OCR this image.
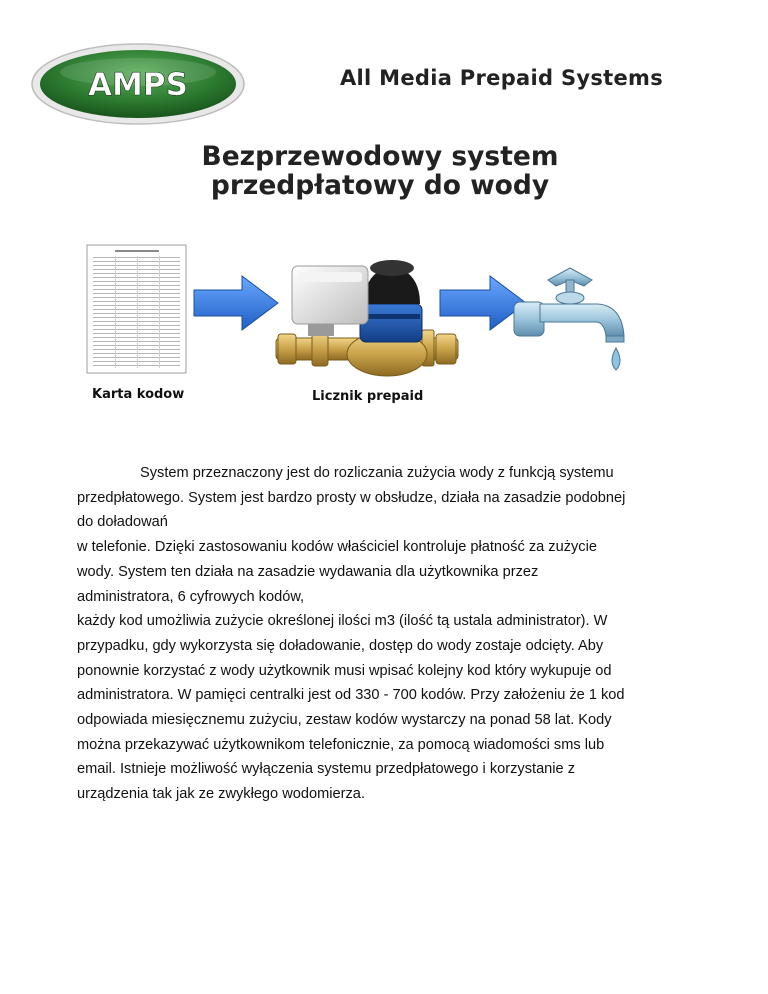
AMPS	All Media Prepaid Systems
Bezprzewodowy system
przedpłatowy do wody
Karta kodow	Licznik prepaid
System przeznaczony jest do rozliczania zużycia wody z funkcją systemu
przedpłatowego. System jest bardzo prosty w obsłudze, działa na zasadzie podobnej
do doładowań
w telefonie. Dzięki zastosowaniu kodów właściciel kontroluje płatność za zużycie
wody. System ten działa na zasadzie wydawania dla użytkownika przez
administratora, 6 cyfrowych kodów,
każdy kod umożliwia zużycie określonej ilości m3 (ilość tą ustala administrator). W
przypadku, gdy wykorzysta się doładowanie, dostęp do wody zostaje odcięty. Aby
ponownie korzystać z wody użytkownik musi wpisać kolejny kod który wykupuje od
administratora. W pamięci centralki jest od 330 - 700 kodów. Przy założeniu że 1 kod
odpowiada miesięcznemu zużyciu, zestaw kodów wystarczy na ponad 58 lat. Kody
można przekazywać użytkownikom telefonicznie, za pomocą wiadomości sms lub
email. Istnieje możliwość wyłączenia systemu przedpłatowego i korzystanie z
urządzenia tak jak ze zwykłego wodomierza.
